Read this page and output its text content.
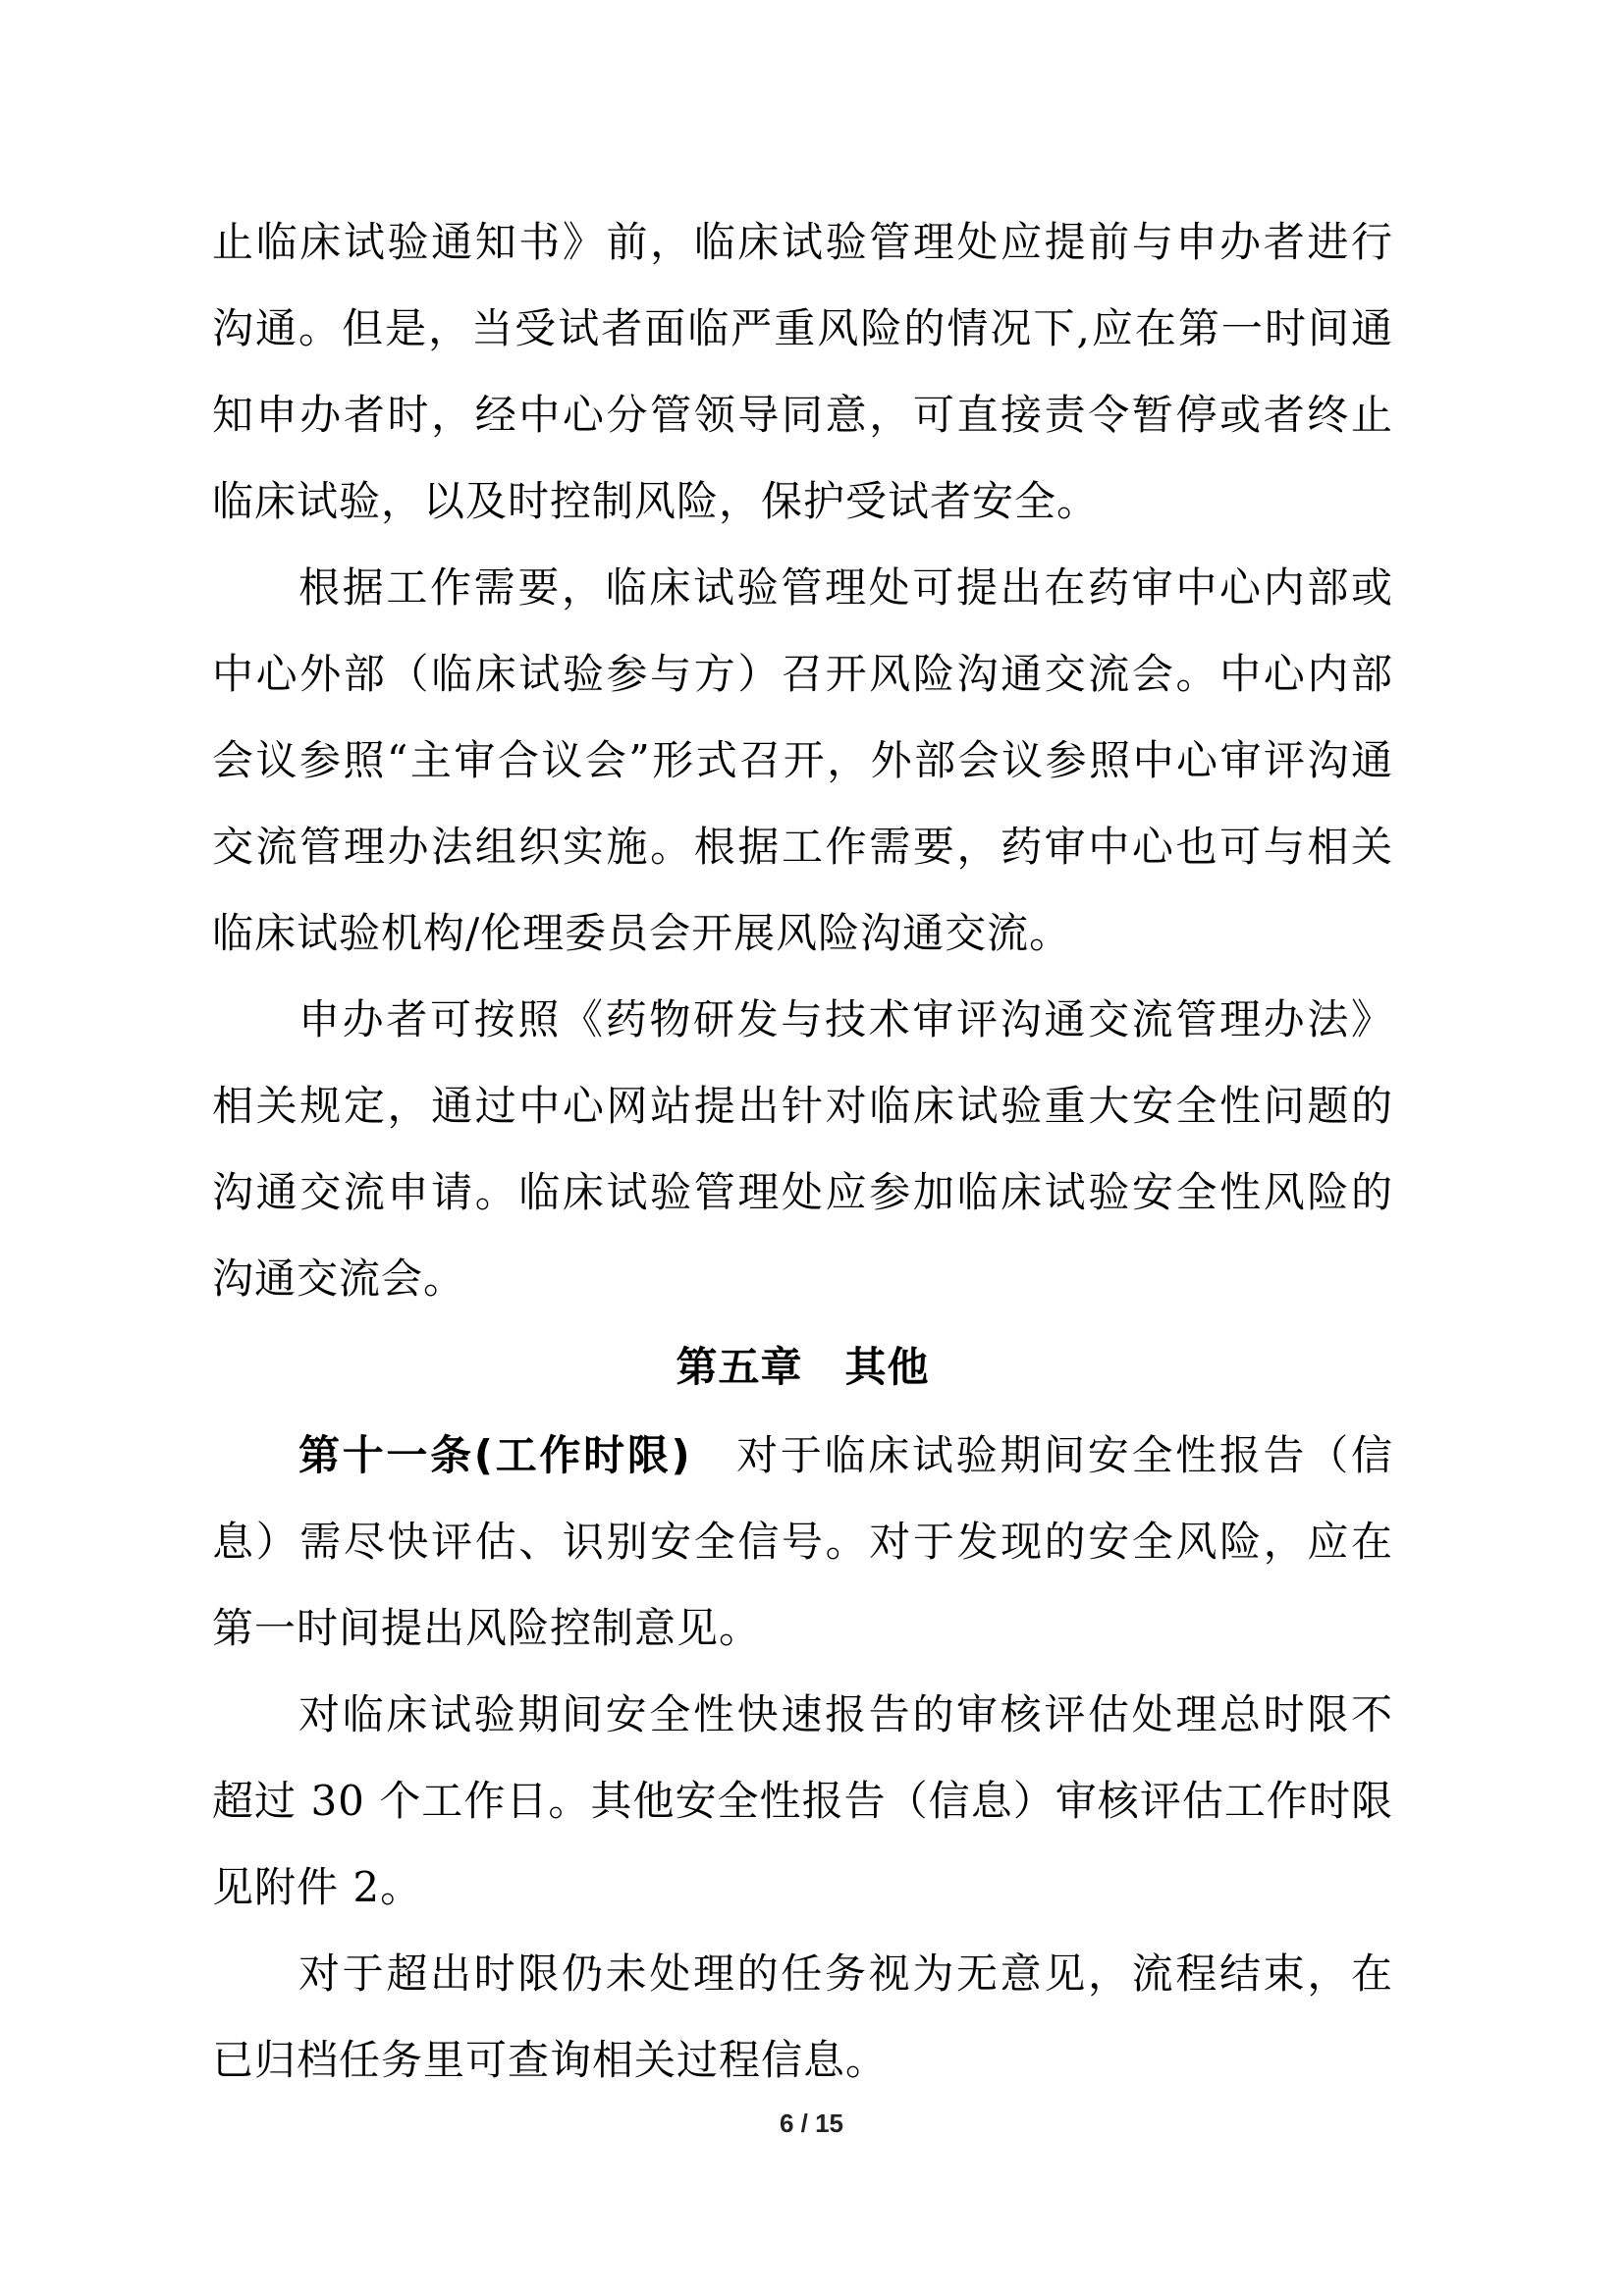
止临床试验通知书》前，临床试验管理处应提前与申办者进行沟通。但是，当受试者面临严重风险的情况下,应在第一时间通知申办者时，经中心分管领导同意，可直接责令暂停或者终止临床试验，以及时控制风险，保护受试者安全。

根据工作需要，临床试验管理处可提出在药审中心内部或中心外部（临床试验参与方）召开风险沟通交流会。中心内部会议参照“主审合议会”形式召开，外部会议参照中心审评沟通交流管理办法组织实施。根据工作需要，药审中心也可与相关临床试验机构/伦理委员会开展风险沟通交流。

申办者可按照《药物研发与技术审评沟通交流管理办法》相关规定，通过中心网站提出针对临床试验重大安全性问题的沟通交流申请。临床试验管理处应参加临床试验安全性风险的沟通交流会。

第五章　其他

第十一条(工作时限)　 对于临床试验期间安全性报告（信息）需尽快评估、识别安全信号。对于发现的安全风险，应在第一时间提出风险控制意见。

对临床试验期间安全性快速报告的审核评估处理总时限不超过 30 个工作日。其他安全性报告（信息）审核评估工作时限见附件 2。

对于超出时限仍未处理的任务视为无意见，流程结束，在已归档任务里可查询相关过程信息。

6 / 15
